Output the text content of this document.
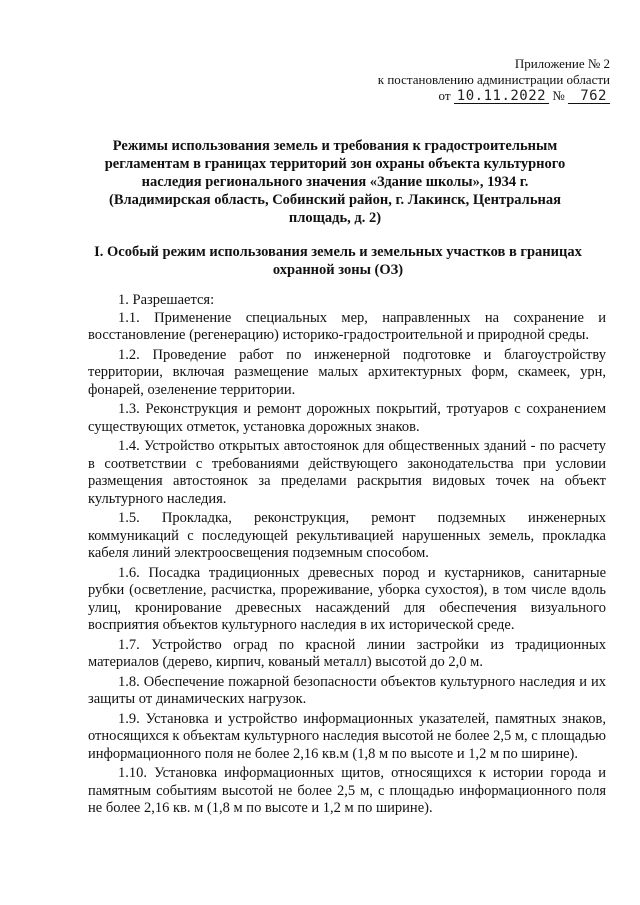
Приложение № 2
к постановлению администрации области
от 10.11.2022 № 762
Режимы использования земель и требования к градостроительным регламентам в границах территорий зон охраны объекта культурного наследия регионального значения «Здание школы», 1934 г. (Владимирская область, Собинский район, г. Лакинск, Центральная площадь, д. 2)
I. Особый режим использования земель и земельных участков в границах охранной зоны (ОЗ)

1. Разрешается:

1.1. Применение специальных мер, направленных на сохранение и восстановление (регенерацию) историко-градостроительной и природной среды.

1.2. Проведение работ по инженерной подготовке и благоустройству территории, включая размещение малых архитектурных форм, скамеек, урн, фонарей, озеленение территории.

1.3. Реконструкция и ремонт дорожных покрытий, тротуаров с сохранением существующих отметок, установка дорожных знаков.

1.4. Устройство открытых автостоянок для общественных зданий - по расчету в соответствии с требованиями действующего законодательства при условии размещения автостоянок за пределами раскрытия видовых точек на объект культурного наследия.

1.5. Прокладка, реконструкция, ремонт подземных инженерных коммуникаций с последующей рекультивацией нарушенных земель, прокладка кабеля линий электроосвещения подземным способом.

1.6. Посадка традиционных древесных пород и кустарников, санитарные рубки (осветление, расчистка, прореживание, уборка сухостоя), в том числе вдоль улиц, кронирование древесных насаждений для обеспечения визуального восприятия объектов культурного наследия в их исторической среде.

1.7. Устройство оград по красной линии застройки из традиционных материалов (дерево, кирпич, кованый металл) высотой до 2,0 м.

1.8. Обеспечение пожарной безопасности объектов культурного наследия и их защиты от динамических нагрузок.

1.9. Установка и устройство информационных указателей, памятных знаков, относящихся к объектам культурного наследия высотой не более 2,5 м, с площадью информационного поля не более 2,16 кв.м (1,8 м по высоте и 1,2 м по ширине).

1.10. Установка информационных щитов, относящихся к истории города и памятным событиям высотой не более 2,5 м, с площадью информационного поля не более 2,16 кв. м (1,8 м по высоте и 1,2 м по ширине).
